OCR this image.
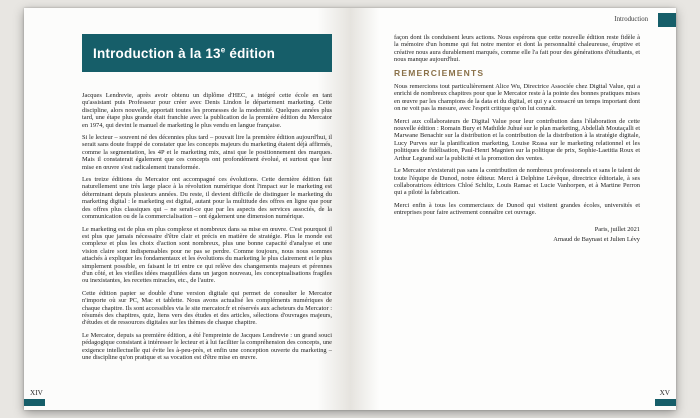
Introduction à la 13e édition

Jacques Lendrevie, après avoir obtenu un diplôme d'HEC, a intégré cette école en tant qu'assistant puis Professeur pour créer avec Denis Lindon le département marketing. Cette discipline, alors nouvelle, apportait toutes les promesses de la modernité. Quelques années plus tard, une étape plus grande était franchie avec la publication de la première édition du Mercator en 1974, qui devint le manuel de marketing le plus vendu en langue française.

Si le lecteur – souvent né des décennies plus tard – pouvait lire la première édition aujourd'hui, il serait sans doute frappé de constater que les concepts majeurs du marketing étaient déjà affirmés, comme la segmentation, les 4P et le marketing mix, ainsi que le positionnement des marques. Mais il constaterait également que ces concepts ont profondément évolué, et surtout que leur mise en œuvre s'est radicalement transformée.

Les treize éditions du Mercator ont accompagné ces évolutions. Cette dernière édition fait naturellement une très large place à la révolution numérique dont l'impact sur le marketing est déterminant depuis plusieurs années. Du reste, il devient difficile de distinguer le marketing du marketing digital : le marketing est digital, autant pour la multitude des offres en ligne que pour des offres plus classiques qui – ne serait-ce que par les aspects des services associés, de la communication ou de la commercialisation – ont également une dimension numérique.

Le marketing est de plus en plus complexe et nombreux dans sa mise en œuvre. C'est pourquoi il est plus que jamais nécessaire d'être clair et précis en matière de stratégie. Plus le monde est complexe et plus les choix d'action sont nombreux, plus une bonne capacité d'analyse et une vision claire sont indispensables pour ne pas se perdre. Comme toujours, nous nous sommes attachés à expliquer les fondamentaux et les évolutions du marketing le plus clairement et le plus simplement possible, en faisant le tri entre ce qui relève des changements majeurs et pérennes d'un côté, et les vieilles idées maquillées dans un jargon nouveau, les conceptualisations fragiles ou inexistantes, les recettes miracles, etc., de l'autre.

Cette édition papier se double d'une version digitale qui permet de consulter le Mercator n'importe où sur PC, Mac et tablette. Nous avons actualisé les compléments numériques de chaque chapitre. Ils sont accessibles via le site mercator.fr et réservés aux acheteurs du Mercator : résumés des chapitres, quiz, liens vers des études et des articles, sélections d'ouvrages majeurs, d'études et de ressources digitales sur les thèmes de chaque chapitre.

Le Mercator, depuis sa première édition, a été l'empreinte de Jacques Lendrevie : un grand souci pédagogique consistant à intéresser le lecteur et à lui faciliter la compréhension des concepts, une exigence intellectuelle qui évite les à-peu-près, et enfin une conception ouverte du marketing – une discipline qu'on pratique et sa vocation est d'être mise en œuvre.

XIV
Introduction

façon dont ils conduisent leurs actions. Nous espérons que cette nouvelle édition reste fidèle à la mémoire d'un homme qui fut notre mentor et dont la personnalité chaleureuse, éruptive et créative nous aura durablement marqués, comme elle l'a fait pour des générations d'étudiants, et nous manque aujourd'hui.

REMERCIEMENTS

Nous remercions tout particulièrement Alice Wu, Directrice Associée chez Digital Value, qui a enrichi de nombreux chapitres pour que le Mercator reste à la pointe des bonnes pratiques mises en œuvre par les champions de la data et du digital, et qui y a consacré un temps important dont on ne voit pas la mesure, avec l'esprit critique qu'on lui connaît.

Merci aux collaborateurs de Digital Value pour leur contribution dans l'élaboration de cette nouvelle édition : Romain Bury et Mathilde Juhué sur le plan marketing, Abdellah Moutaçalli et Marwane Benachir sur la distribution et la contribution de la distribution à la stratégie digitale, Lucy Purves sur la planification marketing, Louise Rzasa sur le marketing relationnel et les politiques de fidélisation, Paul-Henri Magnien sur la politique de prix, Sophie-Laetitia Roux et Arthur Legrand sur la publicité et la promotion des ventes.

Le Mercator n'existerait pas sans la contribution de nombreux professionnels et sans le talent de toute l'équipe de Dunod, notre éditeur. Merci à Delphine Lévêque, directrice éditoriale, à ses collaboratrices éditrices Chloé Schiltz, Louis Ramac et Lucie Vanhorpen, et à Martine Perron qui a piloté la fabrication.

Merci enfin à tous les commerciaux de Dunod qui visitent grandes écoles, universités et entreprises pour faire activement connaître cet ouvrage.

Paris, juillet 2021
Arnaud de Baynast et Julien Lévy
XV
